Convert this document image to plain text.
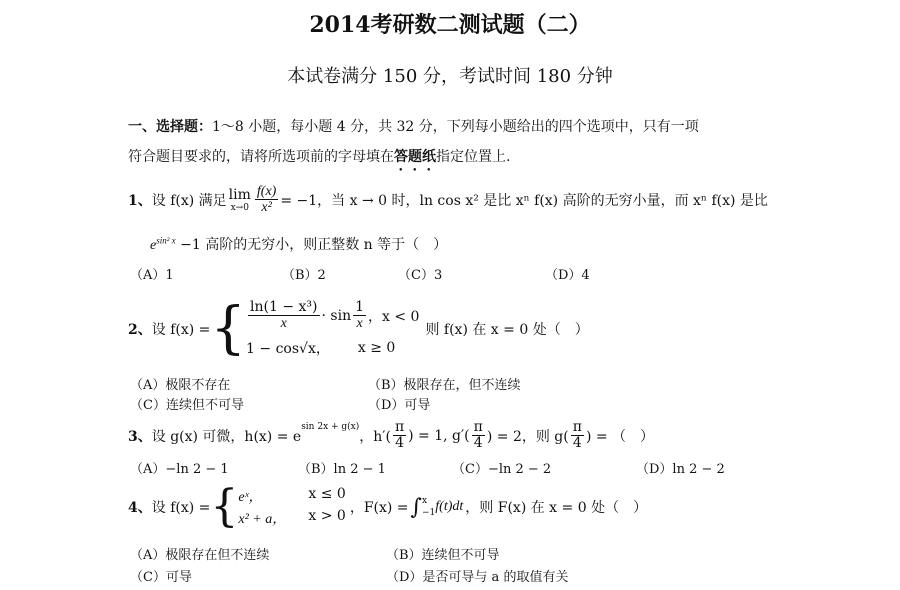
2014考研数二测试题（二）
本试卷满分 150 分，考试时间 180 分钟
一、选择题：1～8 小题，每小题 4 分，共 32 分，下列每小题给出的四个选项中，只有一项
符合题目要求的，请将所选项前的字母填在答题纸指定位置上.
1、 设 f(x) 满足 lim
$x\to 0 \frac{f(x)}{\text{x²}} = -1$，当 x → 0 时，ln cos x² 是比 xⁿ f(x) 高阶的无穷小量，而 xⁿ f(x) 是比
$e^{sin^2 x} -1$ 高阶的无穷小，则正整数 n 等于（　）
（A）1	（B）2	（C）3	（D）4
2、 设 f(x) = { $\frac{\text{ln(1 − x³)}}{x} \cdot \sin \frac{1}{x}$ ，x < 0
1 − cos√x， x ≥ 0
则 f(x) 在 x = 0 处（　）
（A）极限不存在	（B）极限存在，但不连续
（C）连续但不可导	（D）可导
3、 设 g(x) 可微，h(x) = e
$^{sin 2x + g(x)}$
，$h'( \frac{\pi}{4}$ ) = 1, $g'( \frac{\pi}{4}$ ) = 2，则 $g( \frac{\pi}{4}$ ) = （　）
（A）−ln 2 − 1	（B）ln 2 − 1	（C）−ln 2 − 2	（D）ln 2 − 2
4、 设 f(x) = { eˣ，	x ≤ 0
x² + a，	x > 0 ，F(x) = ∫ x
−1 f(t)dt ，则 F(x) 在 x = 0 处（　）
（A）极限存在但不连续	（B）连续但不可导
（C）可导	（D）是否可导与 a 的取值有关
